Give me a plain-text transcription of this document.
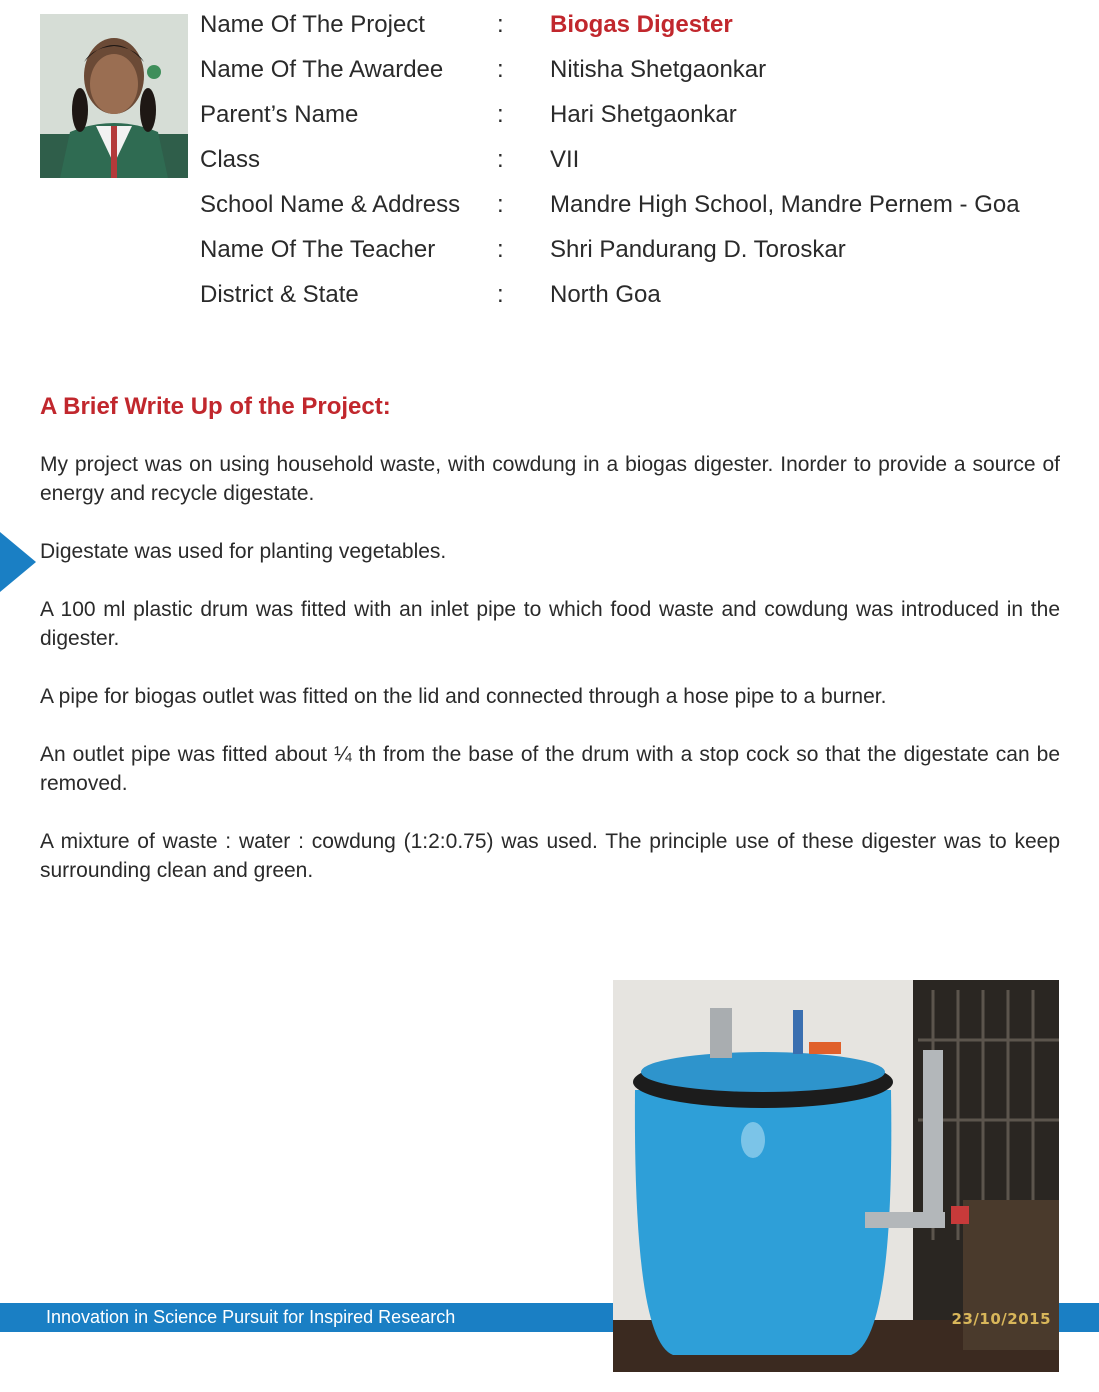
Name Of The Project	:	Biogas Digester
Name Of The Awardee	:	Nitisha Shetgaonkar
Parent’s Name	:	Hari Shetgaonkar
Class	:	VII
School Name & Address	:	Mandre High School, Mandre Pernem - Goa
Name Of The Teacher	:	Shri Pandurang D. Toroskar
District & State	:	North Goa
A Brief Write Up of the Project:

My project was on using household waste, with cowdung in a biogas digester. Inorder to provide a source of energy and recycle digestate.

Digestate was used for planting vegetables.

A 100 ml plastic drum was fitted with an inlet pipe to which food waste and cowdung was introduced in the digester.

A pipe for biogas outlet was fitted on the lid and connected through a hose pipe to a burner.

An outlet pipe was fitted about ¼ th from the base of the drum with a stop cock so that the digestate can be removed.

A mixture of waste : water : cowdung (1:2:0.75) was used. The principle use of these digester was to keep surrounding clean and green.

Innovation in Science Pursuit for Inspired Research	23/10/2015
